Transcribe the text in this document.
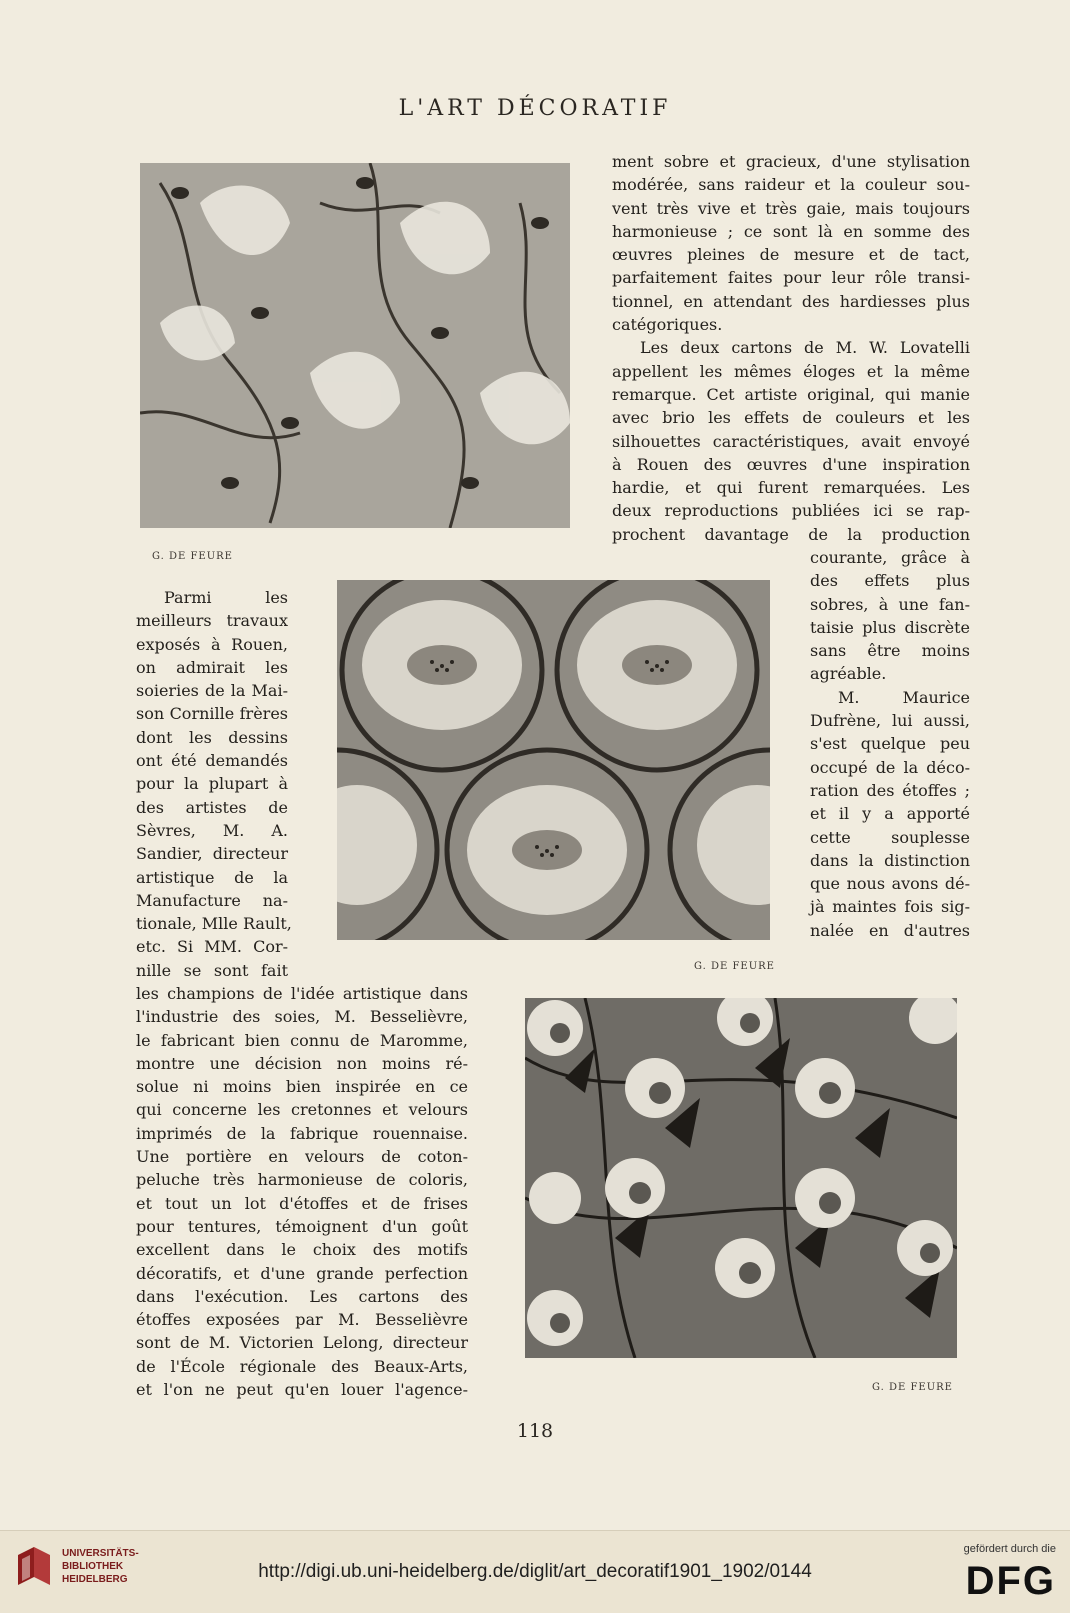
L'ART DÉCORATIF
G. DE FEURE
G. DE FEURE
G. DE FEURE
ment sobre et gracieux, d'une stylisation
modérée, sans raideur et la couleur sou-
vent très vive et très gaie, mais toujours
harmonieuse ; ce sont là en somme des
œuvres pleines de mesure et de tact,
parfaitement faites pour leur rôle transi-
tionnel, en attendant des hardiesses plus
catégoriques.
Les deux cartons de M. W. Lovatelli
appellent les mêmes éloges et la même
remarque. Cet artiste original, qui manie
avec brio les effets de couleurs et les
silhouettes caractéristiques, avait envoyé
à Rouen des œuvres d'une inspiration
hardie, et qui furent remarquées. Les
deux reproductions publiées ici se rap-
prochent davantage de la production
courante, grâce à
des effets plus
sobres, à une fan-
taisie plus discrète
sans être moins
agréable.
M. Maurice
Dufrène, lui aussi,
s'est quelque peu
occupé de la déco-
ration des étoffes ;
et il y a apporté
cette souplesse
dans la distinction
que nous avons dé-
jà maintes fois sig-
nalée en d'autres
Parmi les
meilleurs travaux
exposés à Rouen,
on admirait les
soieries de la Mai-
son Cornille frères
dont les dessins
ont été demandés
pour la plupart à
des artistes de
Sèvres, M. A.
Sandier, directeur
artistique de la
Manufacture na-
tionale, Mlle Rault,
etc. Si MM. Cor-
nille se sont fait
les champions de l'idée artistique dans
l'industrie des soies, M. Besselièvre,
le fabricant bien connu de Maromme,
montre une décision non moins ré-
solue ni moins bien inspirée en ce
qui concerne les cretonnes et velours
imprimés de la fabrique rouennaise.
Une portière en velours de coton-
peluche très harmonieuse de coloris,
et tout un lot d'étoffes et de frises
pour tentures, témoignent d'un goût
excellent dans le choix des motifs
décoratifs, et d'une grande perfection
dans l'exécution. Les cartons des
étoffes exposées par M. Besselièvre
sont de M. Victorien Lelong, directeur
de l'École régionale des Beaux-Arts,
et l'on ne peut qu'en louer l'agence-
118
UNIVERSITÄTS-
BIBLIOTHEK
HEIDELBERG	http://digi.ub.uni-heidelberg.de/diglit/art_decoratif1901_1902/0144
gefördert durch die
DFG
